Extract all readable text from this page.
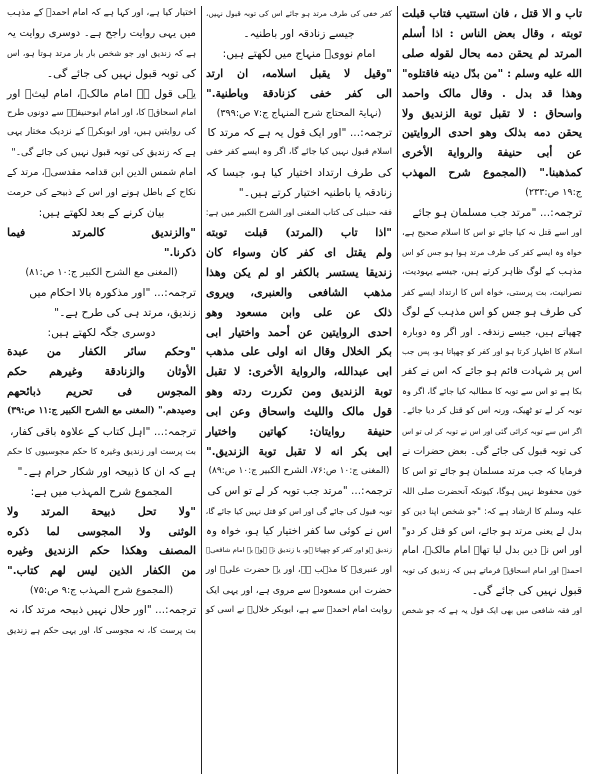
تاب و الا قتل ، فان استتیب فتاب قبلت
توبته ، وقال بعض الناس : اذا أسلم
المرتد لم یحقن دمه بحال لقوله صلی
الله علیه وسلم : "من بدّل دینه فاقتلوه"
وهذا قد بدل . وقال مالک واحمد
واسحاق : لا تقبل توبة الزندیق ولا
یحقن دمه بذلک وهو احدی الروایتین
عن أبی حنیفة والروایة الأخری
کمذهبنا." (المجموع شرح المهذب
ج:۱۹ ص:۲۳۳)
ترجمہ:... "مرتد جب مسلمان ہو جائے
اور اسے قتل نہ کیا جائے تو اس کا اسلام صحیح ہے،
خواہ وہ ایسے کفر کی طرف مرتد ہوا ہو جس کو اس
مذہب کے لوگ ظاہر کرتے ہیں، جیسے یہودیت،
نصرانیت، بت پرستی، خواہ اس کا ارتداد ایسے کفر
کی طرف ہو جس کو اس مذہب کے لوگ
چھپاتے ہیں، جیسے زندقہ۔ اور اگر وہ دوبارہ
اسلام کا اظہار کرتا ہو اور کفر کو چھپاتا ہو، پس جب
اس پر شہادت قائم ہو جائے کہ اس نے کفر
بکا ہے تو اس سے توبہ کا مطالبہ کیا جائے گا، اگر وہ
توبہ کر لے تو ٹھیک، ورنہ اس کو قتل کر دیا جائے۔
اگر اس سے توبہ کرائی گئی اور اس نے توبہ کر لی تو اس
کی توبہ قبول کی جائے گی۔ بعض حضرات نے
فرمایا کہ جب مرتد مسلمان ہو جائے تو اس کا
خون محفوظ نہیں ہوگا، کیونکہ آنحضرت صلی اللہ
علیہ وسلم کا ارشاد ہے کہ: "جو شخص اپنا دین کو
بدل لے یعنی مرتد ہو جائے، اس کو قتل کر دو"
اور اس نے دین بدل لیا تھا۔ امام مالکؒ، امام
احمدؒ اور امام اسحاقؒ فرماتے ہیں کہ زندیق کی توبہ
قبول نہیں کی جائے گی۔
اور فقہ شافعی میں بھی ایک قول یہ ہے کہ جو شخص
کفر خفی کی طرف مرتد ہو جائے اس کی توبہ قبول نہیں،
جیسے زنادقہ اور باطنیہ۔
امام نوویؒ منہاج میں لکھتے ہیں:
"وقیل لا یقبل اسلامه، ان ارتد
الی کفر خفی کزنادقة وباطنیة."
(نہایۃ المحتاج شرح المنہاج ج:۷ ص:۳۹۹)
ترجمہ:... "اور ایک قول یہ ہے کہ مرتد کا
اسلام قبول نہیں کیا جائے گا، اگر وہ ایسے کفر خفی
کی طرف ارتداد اختیار کیا ہو، جیسا کہ
زنادقہ یا باطنیہ اختیار کرتے ہیں۔"
فقہ حنبلی کی کتاب المغنی اور الشرح الکبیر میں ہے:
"اذا تاب (المرتد) قبلت توبته
ولم یقتل ای کفر کان وسواء کان
زندیقا یستسر بالکفر او لم یکن وهذا
مذهب الشافعی والعنبری، ویروی
ذلک عن علی وابن مسعود وهو
احدی الروایتین عن أحمد واختیار ابی
بکر الخلال وقال انه اولی علی مذهب
ابی عبدالله، والروایة الأخری: لا تقبل
توبة الزندیق ومن تکررت ردته وهو
قول مالک واللیث واسحاق وعن ابی
حنیفة روایتان: کهاتین واختیار
ابی بکر انه لا تقبل توبة الزندیق."
(المغنی ج:۱۰ ص:۷۶، الشرح الکبیر ج:۱۰ ص:۸۹)
ترجمہ:... "مرتد جب توبہ کر لے تو اس کی
توبہ قبول کی جائے گی اور اس کو قتل نہیں کیا جائے گا،
اس نے کوئی سا کفر اختیار کیا ہو، خواہ وہ
زندیق ہو اور کفر کو چھپاتا ہو، یا زندیق نہ ہو۔ یہ امام شافعیؒ
اور عنبریؒ کا مذہب ہے، اور یہ حضرت علیؓ اور
حضرت ابن مسعودؓ سے مروی ہے، اور یہی ایک
روایت امام احمدؒ سے ہے، ابوبکر خلالؒ نے اسی کو
اختیار کیا ہے، اور کہا ہے کہ امام احمدؒ کے مذہب
میں یہی روایت راجح ہے۔ دوسری روایت یہ
ہے کہ زندیق اور جو شخص بار بار مرتد ہوتا ہو، اس
کی توبہ قبول نہیں کی جائے گی۔
یہی قول ہے امام مالکؒ، امام لیثؒ اور
امام اسحاقؒ کا، اور امام ابوحنیفہؒ سے دونوں طرح
کی روایتیں ہیں، اور ابوبکرؒ کے نزدیک مختار یہی
ہے کہ زندیق کی توبہ قبول نہیں کی جائے گی۔"
امام شمس الدین ابن قدامہ مقدسیؒ، مرتد کے
نکاح کے باطل ہونے اور اس کے ذبیحے کی حرمت
بیان کرنے کے بعد لکھتے ہیں:
"والزندیق کالمرتد فیما
ذکرنا."
(المغنی مع الشرح الکبیر ج:۱۰ ص:۸۱)
ترجمہ:... "اور مذکورہ بالا احکام میں
زندیق، مرتد ہی کی طرح ہے۔"
دوسری جگہ لکھتے ہیں:
"وحکم سائر الکفار من عبدة
الأوثان والزنادقة وغیرهم حکم
المجوس فی تحریم ذبائحهم
وصیدهم." (المغنی مع الشرح الکبیر ج:۱۱ ص:۳۹)
ترجمہ:... "اہل کتاب کے علاوہ باقی کفار،
بت پرست اور زندیق وغیرہ کا حکم مجوسیوں کا حکم
ہے کہ ان کا ذبیحہ اور شکار حرام ہے۔"
المجموع شرح المہذب میں ہے:
"ولا تحل ذبیحة المرتد ولا
الوثنی ولا المجوسی لما ذکره
المصنف وهکذا حکم الزندیق وغیره
من الکفار الذین لیس لهم کتاب."
(المجموع شرح المہذب ج:۹ ص:۷۵)
ترجمہ:... "اور حلال نہیں ذبیحہ مرتد کا، نہ
بت پرست کا، نہ مجوسی کا، اور یہی حکم ہے زندیق
